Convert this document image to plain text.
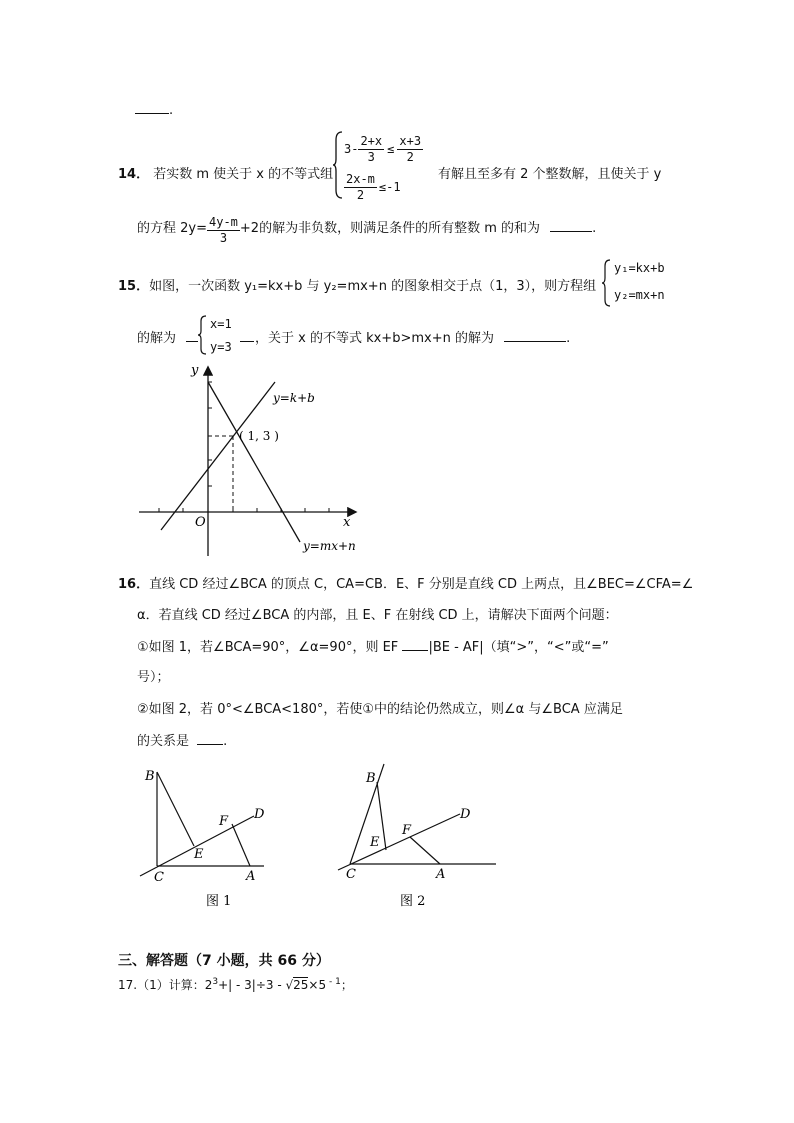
.
14． 若实数 m 使关于 x 的不等式组
$3- \frac{2+x}{3} \le \frac{x+3}{2}$
$\frac{2x-m}{2} \le-1$
有解且至多有 2 个整数解，且使关于 y
的方程 $2y= \frac{4y-m}{3} +2$的解为非负数，则满足条件的所有整数 m 的和为	.
15．如图，一次函数 y₁=kx+b 与 y₂=mx+n 的图象相交于点（1，3），则方程组
y₁=kx+b
y₂=mx+n
的解为
x=1
y=3
，关于 x 的不等式 kx+b>mx+n 的解为	.
y
x
O
( 1, 3 )
y=k+b
y=mx+n
16．直线 CD 经过∠BCA 的顶点 C，CA=CB．E、F 分别是直线 CD 上两点，且∠BEC=∠CFA=∠
α．若直线 CD 经过∠BCA 的内部，且 E、F 在射线 CD 上，请解决下面两个问题：
①如图 1，若∠BCA=90°，∠α=90°，则 EF |BE - AF|（填“>”，“<”或“=”
号）；
②如图 2，若 0°<∠BCA<180°，若使①中的结论仍然成立，则∠α 与∠BCA 应满足
的关系是	.
B
C	A
D
E
F
图 1
B
C	A
D
E
F
图 2
三、解答题（7 小题，共 66 分）
17.（1）计算：$2^3+| - 3|\div 3 - √25\times 5$ $^{- 1}$；
